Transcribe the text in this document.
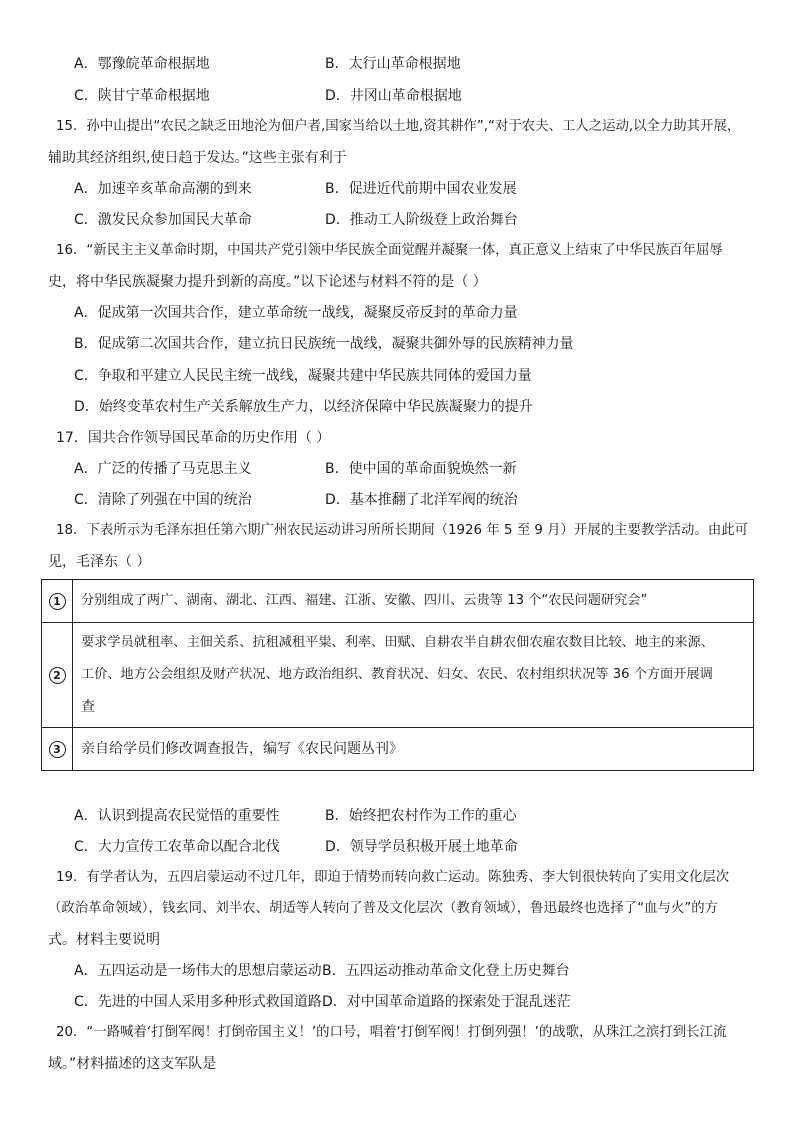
A．鄂豫皖革命根据地	B．太行山革命根据地
C．陕甘宁革命根据地	D．井冈山革命根据地
15．孙中山提出“农民之缺乏田地沦为佃户者,国家当给以土地,资其耕作”,“对于农夫、工人之运动,以全力助其开展，
辅助其经济组织,使日趋于发达。”这些主张有利于
A．加速辛亥革命高潮的到来	B．促进近代前期中国农业发展
C．激发民众参加国民大革命	D．推动工人阶级登上政治舞台
16．“新民主主义革命时期，中国共产党引领中华民族全面觉醒并凝聚一体，真正意义上结束了中华民族百年屈辱
史，将中华民族凝聚力提升到新的高度。”以下论述与材料不符的是（ ）
A．促成第一次国共合作，建立革命统一战线，凝聚反帝反封的革命力量
B．促成第二次国共合作，建立抗日民族统一战线，凝聚共御外辱的民族精神力量
C．争取和平建立人民民主统一战线，凝聚共建中华民族共同体的爱国力量
D．始终变革农村生产关系解放生产力，以经济保障中华民族凝聚力的提升
17．国共合作领导国民革命的历史作用（ ）
A．广泛的传播了马克思主义	B．使中国的革命面貌焕然一新
C．清除了列强在中国的统治	D．基本推翻了北洋军阀的统治
18．下表所示为毛泽东担任第六期广州农民运动讲习所所长期间（1926 年 5 至 9 月）开展的主要教学活动。由此可
见，毛泽东（ ）
1	分别组成了两广、湖南、湖北、江西、福建、江浙、安徽、四川、云贵等 13 个“农民问题研究会”

2	要求学员就租率、主佃关系、抗租减租平粜、利率、田赋、自耕农半自耕农佃农雇农数目比较、地主的来源、
工价、地方公会组织及财产状况、地方政治组织、教育状况、妇女、农民、农村组织状况等 36 个方面开展调
查

3	亲自给学员们修改调查报告，编写《农民问题丛刊》
A．认识到提高农民觉悟的重要性	B．始终把农村作为工作的重心
C．大力宣传工农革命以配合北伐	D．领导学员积极开展土地革命
19．有学者认为，五四启蒙运动不过几年，即迫于情势而转向救亡运动。陈独秀、李大钊很快转向了实用文化层次
（政治革命领域），钱玄同、刘半农、胡适等人转向了普及文化层次（教育领域），鲁迅最终也选择了“血与火”的方
式。材料主要说明
A．五四运动是一场伟大的思想启蒙运动 B．五四运动推动革命文化登上历史舞台
C．先进的中国人采用多种形式救国道路 D．对中国革命道路的探索处于混乱迷茫
20．“一路喊着‘打倒军阀！打倒帝国主义！’的口号，唱着‘打倒军阀！打倒列强！’的战歌，从珠江之滨打到长江流
域。”材料描述的这支军队是
